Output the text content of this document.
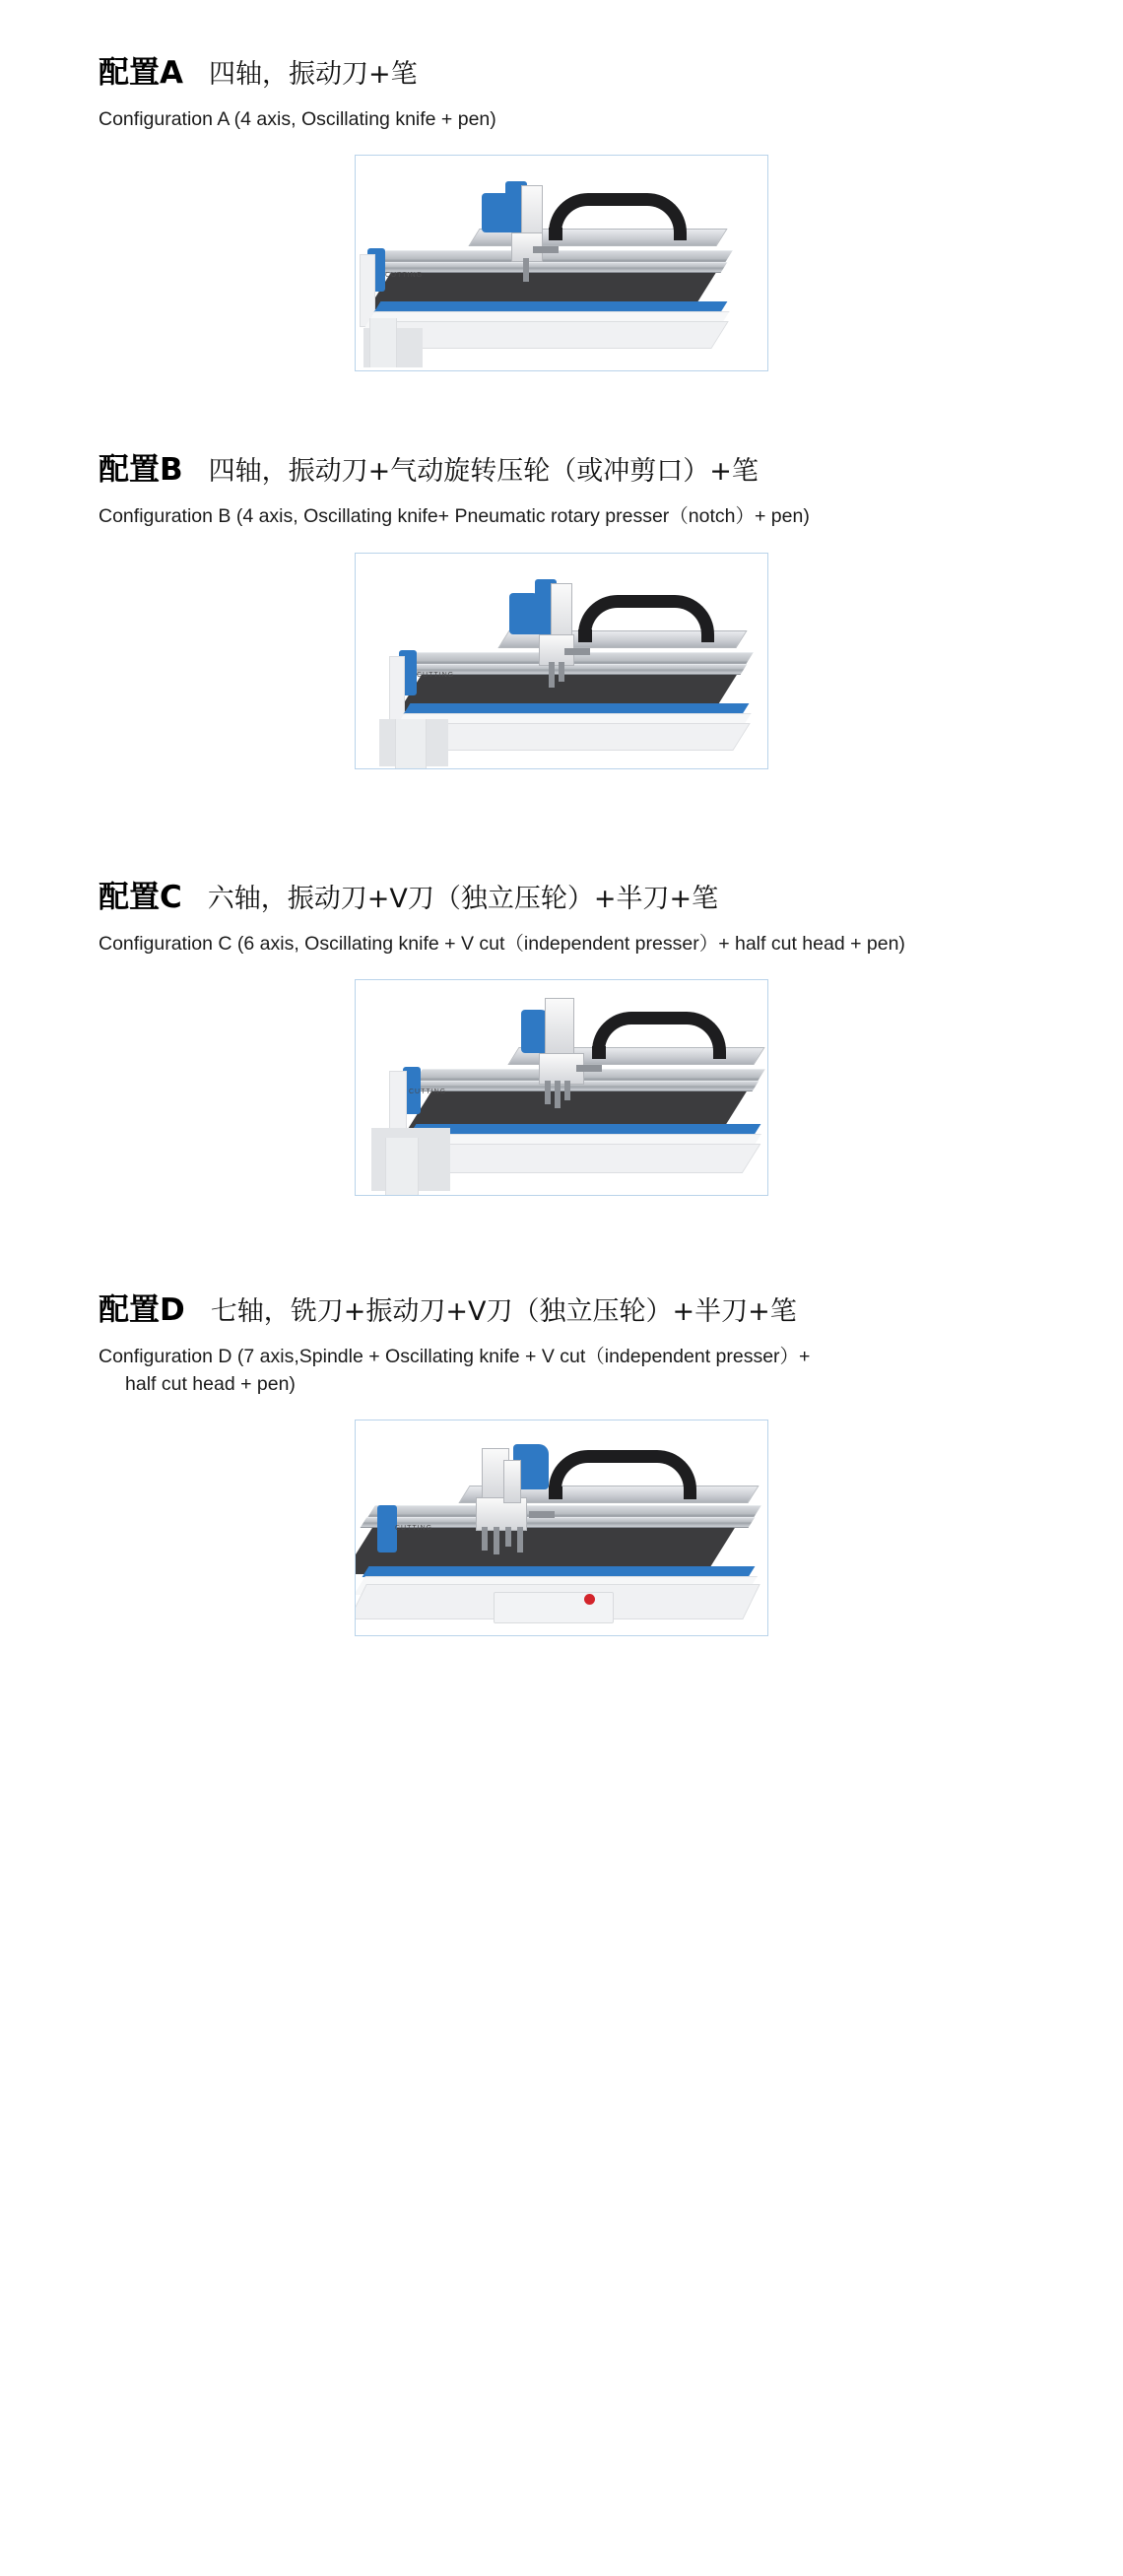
配置A 四轴，振动刀+笔
Configuration A (4 axis, Oscillating knife + pen)
CUTTING
配置B 四轴，振动刀+气动旋转压轮（或冲剪口）+笔
Configuration B (4 axis, Oscillating knife+ Pneumatic rotary presser（notch）+ pen)
CUTTING
配置C 六轴，振动刀+V刀（独立压轮）+半刀+笔
Configuration C (6 axis, Oscillating knife + V cut（independent presser）+ half cut head + pen)
CUTTING
配置D 七轴，铣刀+振动刀+V刀（独立压轮）+半刀+笔
Configuration D (7 axis,Spindle + Oscillating knife + V cut（independent presser）+
half cut head + pen)
CUTTING
